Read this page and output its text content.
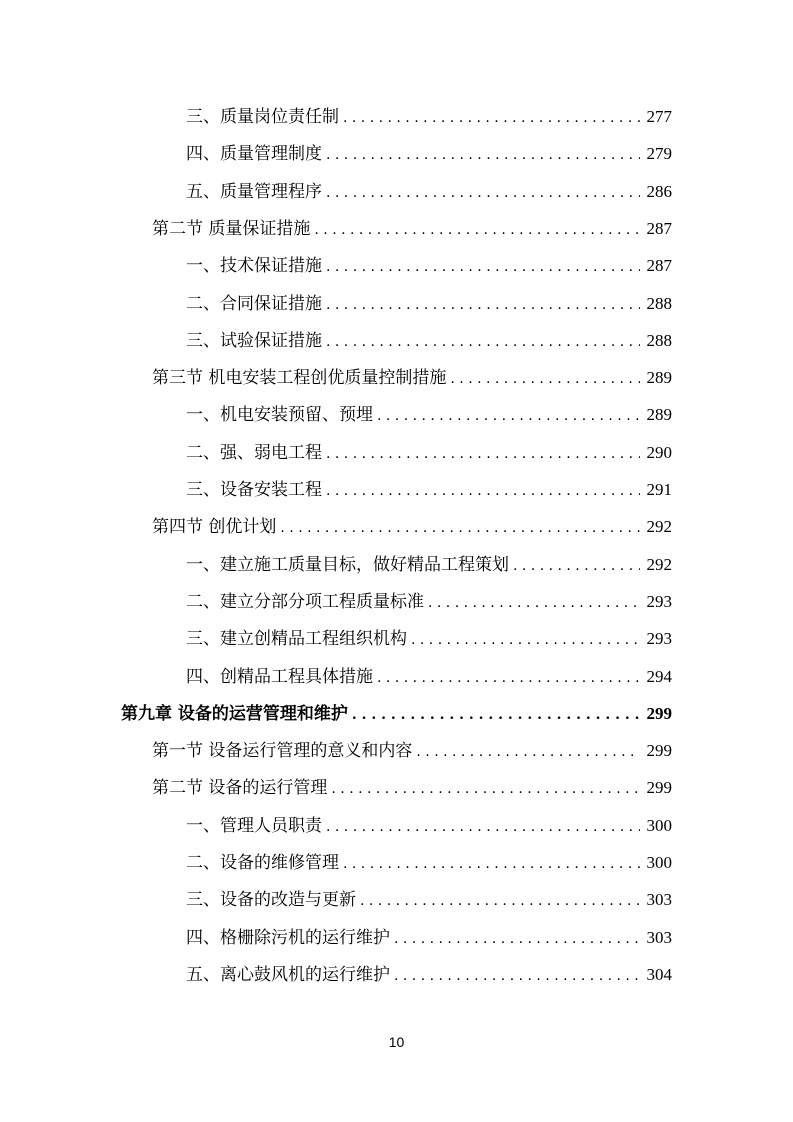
三、质量岗位责任制 . . .	277
四、质量管理制度 . . .	279
五、质量管理程序 . . .	286
第二节 质量保证措施 . . .	287
一、技术保证措施 . . .	287
二、合同保证措施 . . .	288
三、试验保证措施 . . .	288
第三节 机电安装工程创优质量控制措施 . . .	289
一、机电安装预留、预埋 . . .	289
二、强、弱电工程 . . .	290
三、设备安装工程 . . .	291
第四节 创优计划 . . .	292
一、建立施工质量目标，做好精品工程策划 . . .	292
二、建立分部分项工程质量标准 . . .	293
三、建立创精品工程组织机构 . . .	293
四、创精品工程具体措施 . . .	294
第九章 设备的运营管理和维护 . . .	299
第一节 设备运行管理的意义和内容 . . .	299
第二节 设备的运行管理 . . .	299
一、管理人员职责 . . .	300
二、设备的维修管理 . . .	300
三、设备的改造与更新 . . .	303
四、格栅除污机的运行维护 . . .	303
五、离心鼓风机的运行维护 . . .	304
10
